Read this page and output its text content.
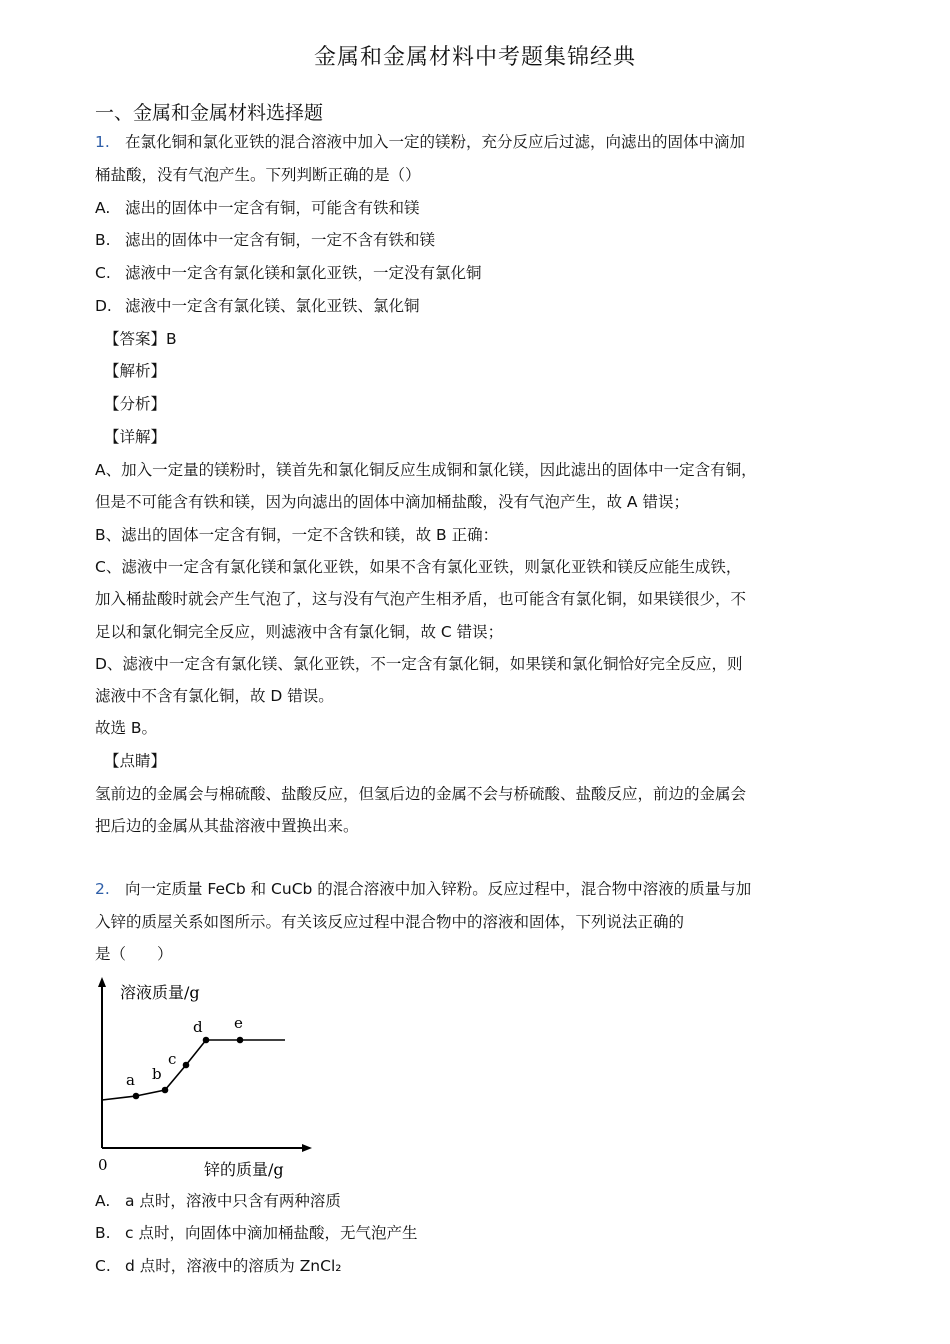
金属和金属材料中考题集锦经典
一、金属和金属材料选择题
1. 在氯化铜和氯化亚铁的混合溶液中加入一定的镁粉，充分反应后过滤，向滤出的固体中滴加
桶盐酸，没有气泡产生。下列判断正确的是（）
A. 滤出的固体中一定含有铜，可能含有铁和镁
B. 滤出的固体中一定含有铜，一定不含有铁和镁
C. 滤液中一定含有氯化镁和氯化亚铁，一定没有氯化铜
D. 滤液中一定含有氯化镁、氯化亚铁、氯化铜
【答案】B
【解析】
【分析】
【详解】
A、加入一定量的镁粉时，镁首先和氯化铜反应生成铜和氯化镁，因此滤出的固体中一定含有铜，
但是不可能含有铁和镁，因为向滤出的固体中滴加桶盐酸，没有气泡产生，故 A 错误；
B、滤出的固体一定含有铜，一定不含铁和镁，故 B 正确：
C、滤液中一定含有氯化镁和氯化亚铁，如果不含有氯化亚铁，则氯化亚铁和镁反应能生成铁，
加入桶盐酸时就会产生气泡了，这与没有气泡产生相矛盾，也可能含有氯化铜，如果镁很少，不
足以和氯化铜完全反应，则滤液中含有氯化铜，故 C 错误；
D、滤液中一定含有氯化镁、氯化亚铁，不一定含有氯化铜，如果镁和氯化铜恰好完全反应，则
滤液中不含有氯化铜，故 D 错误。
故选 B。
【点睛】
氢前边的金属会与棉硫酸、盐酸反应，但氢后边的金属不会与桥硫酸、盐酸反应，前边的金属会
把后边的金属从其盐溶液中置换出来。
2. 向一定质量 FeCb 和 CuCb 的混合溶液中加入锌粉。反应过程中，混合物中溶液的质量与加
入锌的质屋关系如图所示。有关该反应过程中混合物中的溶液和固体，下列说法正确的
是（　　）
a b
c
d e
溶液质量/g
锌的质量/g
0
A. a 点时，溶液中只含有两种溶质
B. c 点时，向固体中滴加桶盐酸，无气泡产生
C. d 点时，溶液中的溶质为 ZnCl₂
